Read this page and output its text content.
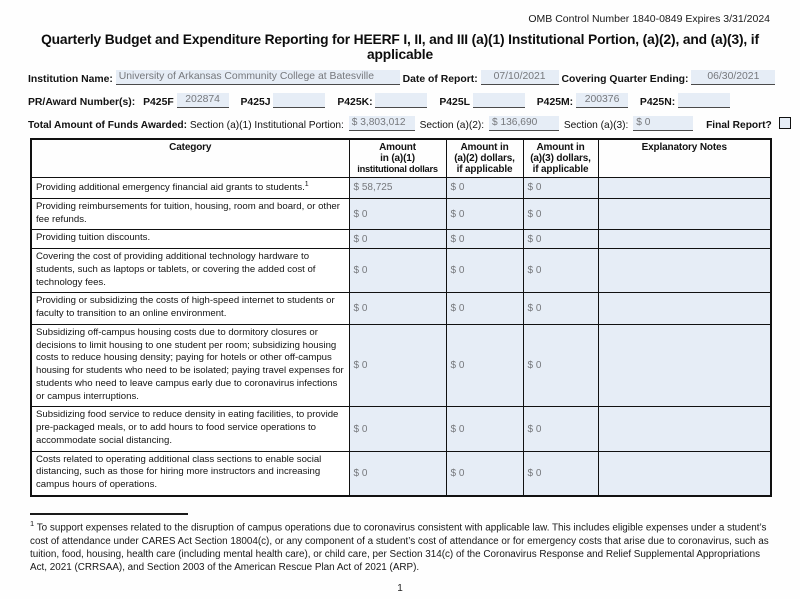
OMB Control Number 1840-0849 Expires 3/31/2024
Quarterly Budget and Expenditure Reporting for HEERF I, II, and III (a)(1) Institutional Portion, (a)(2), and (a)(3), if applicable
Institution Name: University of Arkansas Community College at Batesville	Date of Report: 07/10/2021 Covering Quarter Ending: 06/30/2021
PR/Award Number(s): P425F 202874 P425J	P425K:	P425L	P425M: 200376 P425N:
Total Amount of Funds Awarded: Section (a)(1) Institutional Portion: $ 3,803,012 Section (a)(2): $ 136,690	Section (a)(3): $ 0	Final Report?
Category	Amount
in (a)(1)
institutional dollars	Amount in
(a)(2) dollars,
if applicable	Amount in
(a)(3) dollars,
if applicable	Explanatory Notes
Providing additional emergency financial aid grants to students.$^1$	$ 58,725	$ 0	$ 0	
Providing reimbursements for tuition, housing, room and board, or other fee refunds.	$ 0	$ 0	$ 0	
Providing tuition discounts.	$ 0	$ 0	$ 0	
Covering the cost of providing additional technology hardware to students, such as laptops or tablets, or covering the added cost of technology fees.	$ 0	$ 0	$ 0	
Providing or subsidizing the costs of high-speed internet to students or faculty to transition to an online environment.	$ 0	$ 0	$ 0	
Subsidizing off-campus housing costs due to dormitory closures or decisions to limit housing to one student per room; subsidizing housing costs to reduce housing density; paying for hotels or other off-campus housing for students who need to be isolated; paying travel expenses for students who need to leave campus early due to coronavirus infections or campus interruptions.	$ 0	$ 0	$ 0	
Subsidizing food service to reduce density in eating facilities, to provide pre-packaged meals, or to add hours to food service operations to accommodate social distancing.	$ 0	$ 0	$ 0	
Costs related to operating additional class sections to enable social distancing, such as those for hiring more instructors and increasing campus hours of operations.	$ 0	$ 0	$ 0	
$^1$ To support expenses related to the disruption of campus operations due to coronavirus consistent with applicable law. This includes eligible expenses under a student’s cost of attendance under CARES Act Section 18004(c), or any component of a student’s cost of attendance or for emergency costs that arise due to coronavirus, such as tuition, food, housing, health care (including mental health care), or child care, per Section 314(c) of the Coronavirus Response and Relief Supplemental Appropriations Act, 2021 (CRRSAA), and Section 2003 of the American Rescue Plan Act of 2021 (ARP).
1
